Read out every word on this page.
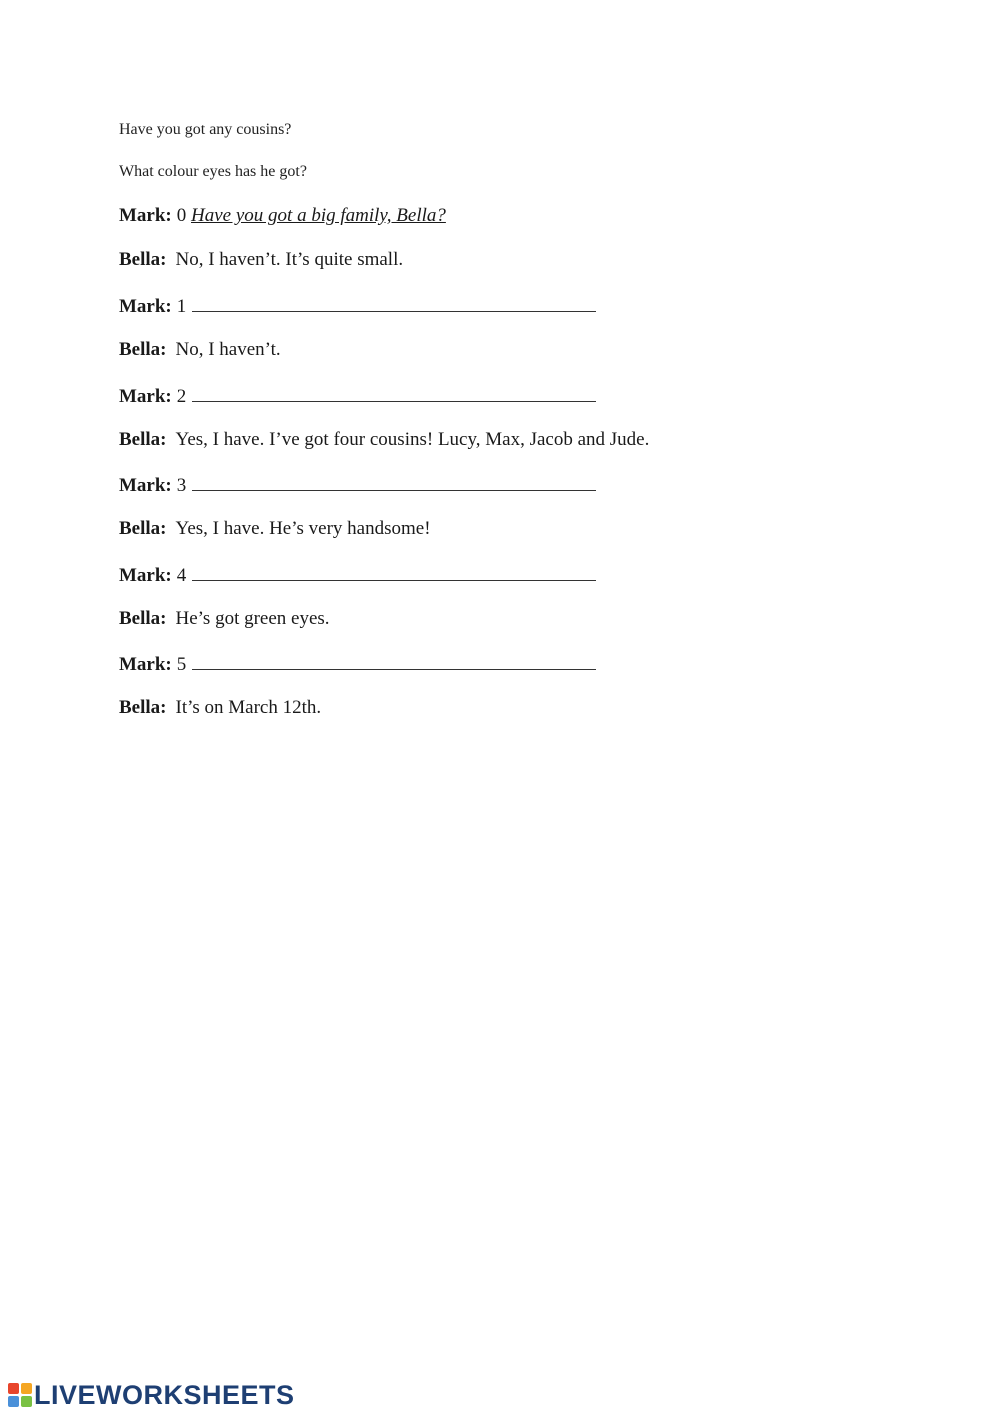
Have you got any cousins?
What colour eyes has he got?
Mark: 0 Have you got a big family, Bella?
Bella: No, I haven’t. It’s quite small.
Mark: 1
Bella: No, I haven’t.
Mark: 2
Bella: Yes, I have. I’ve got four cousins! Lucy, Max, Jacob and Jude.
Mark: 3
Bella: Yes, I have. He’s very handsome!
Mark: 4
Bella: He’s got green eyes.
Mark: 5
Bella: It’s on March 12th.
LIVEWORKSHEETS
